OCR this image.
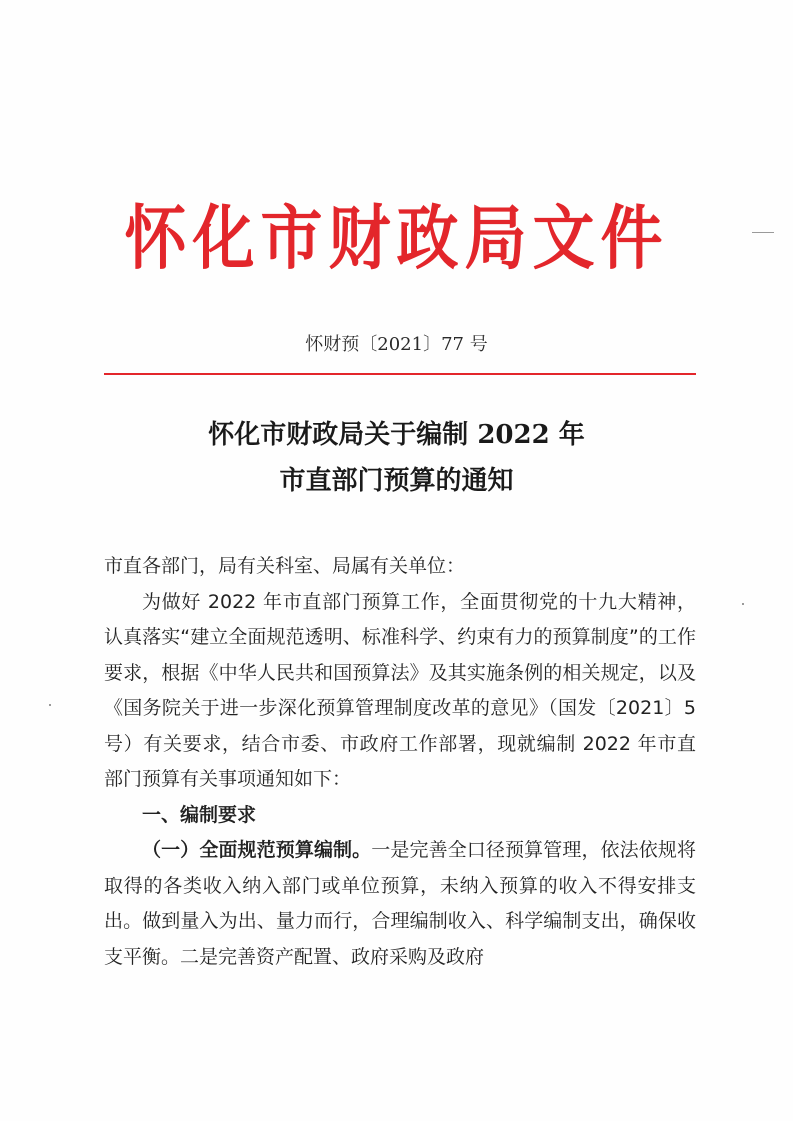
怀化市财政局文件
怀财预〔2021〕77 号
怀化市财政局关于编制 2022 年
市直部门预算的通知

市直各部门，局有关科室、局属有关单位：

为做好 2022 年市直部门预算工作，全面贯彻党的十九大精神，认真落实“建立全面规范透明、标准科学、约束有力的预算制度”的工作要求，根据《中华人民共和国预算法》及其实施条例的相关规定，以及《国务院关于进一步深化预算管理制度改革的意见》（国发〔2021〕5 号）有关要求，结合市委、市政府工作部署，现就编制 2022 年市直部门预算有关事项通知如下：

一、编制要求

（一）全面规范预算编制。一是完善全口径预算管理，依法依规将取得的各类收入纳入部门或单位预算，未纳入预算的收入不得安排支出。做到量入为出、量力而行，合理编制收入、科学编制支出，确保收支平衡。二是完善资产配置、政府采购及政府
